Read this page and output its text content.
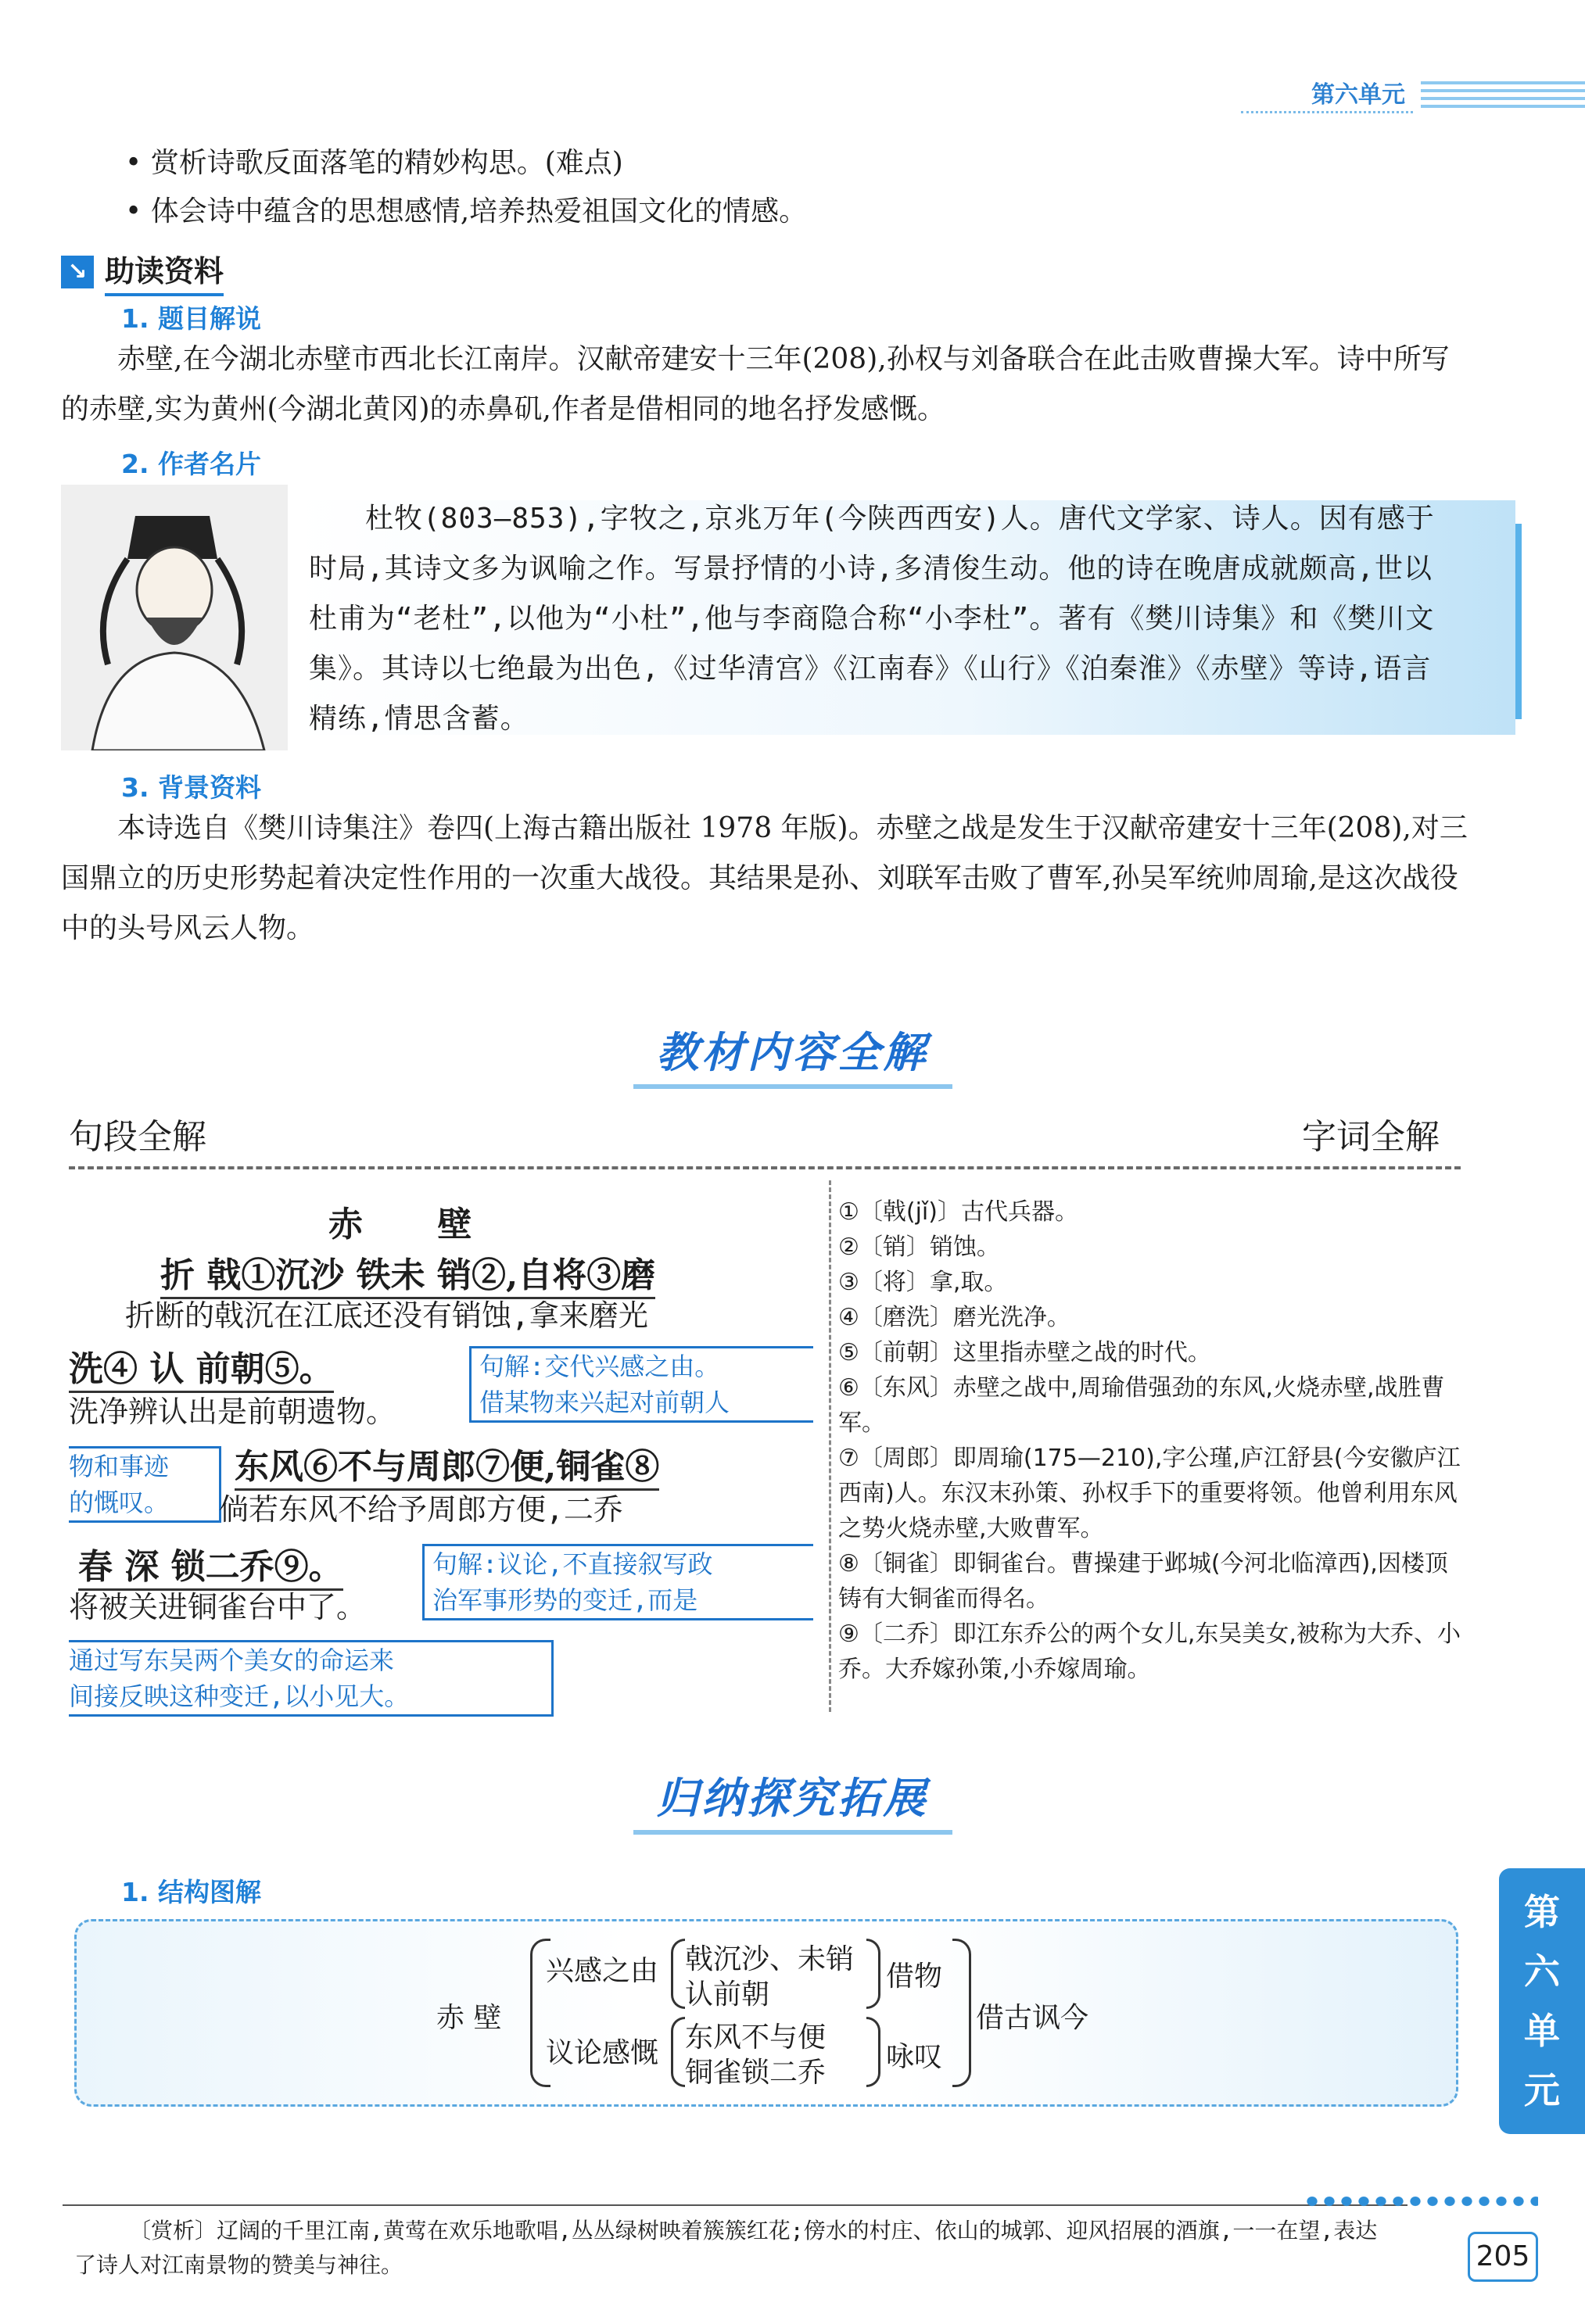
第六单元
• 赏析诗歌反面落笔的精妙构思。(难点)
• 体会诗中蕴含的思想感情,培养热爱祖国文化的情感。
↘ 助读资料
1. 题目解说
赤壁,在今湖北赤壁市西北长江南岸。汉献帝建安十三年(208),孙权与刘备联合在此击败曹操大军。诗中所写的赤壁,实为黄州(今湖北黄冈)的赤鼻矶,作者是借相同的地名抒发感慨。
2. 作者名片
杜牧(803—853),字牧之,京兆万年(今陕西西安)人。唐代文学家、诗人。因有感于时局,其诗文多为讽喻之作。写景抒情的小诗,多清俊生动。他的诗在晚唐成就颇高,世以杜甫为“老杜”,以他为“小杜”,他与李商隐合称“小李杜”。著有《樊川诗集》和《樊川文集》。其诗以七绝最为出色,《过华清宫》《江南春》《山行》《泊秦淮》《赤壁》等诗,语言精练,情思含蓄。
3. 背景资料
本诗选自《樊川诗集注》卷四(上海古籍出版社 1978 年版)。赤壁之战是发生于汉献帝建安十三年(208),对三国鼎立的历史形势起着决定性作用的一次重大战役。其结果是孙、刘联军击败了曹军,孙吴军统帅周瑜,是这次战役中的头号风云人物。
教材内容全解
句段全解	字词全解
赤 壁
折 戟①沉沙 铁未 销②,自将③磨
折断的戟沉在江底还没有销蚀,拿来磨光
洗④ 认 前朝⑤。
洗净辨认出是前朝遗物。
句解:交代兴感之由。
借某物来兴起对前朝人
物和事迹
的慨叹。
东风⑥不与周郎⑦便,铜雀⑧
倘若东风不给予周郎方便,二乔
春 深 锁二乔⑨。
将被关进铜雀台中了。
句解:议论,不直接叙写政
治军事形势的变迁,而是
通过写东吴两个美女的命运来
间接反映这种变迁,以小见大。
①〔戟(jǐ)〕古代兵器。
②〔销〕销蚀。
③〔将〕拿,取。
④〔磨洗〕磨光洗净。
⑤〔前朝〕这里指赤壁之战的时代。
⑥〔东风〕赤壁之战中,周瑜借强劲的东风,火烧赤壁,战胜曹军。
⑦〔周郎〕即周瑜(175—210),字公瑾,庐江舒县(今安徽庐江西南)人。东汉末孙策、孙权手下的重要将领。他曾利用东风之势火烧赤壁,大败曹军。
⑧〔铜雀〕即铜雀台。曹操建于邺城(今河北临漳西),因楼顶铸有大铜雀而得名。
⑨〔二乔〕即江东乔公的两个女儿,东吴美女,被称为大乔、小乔。大乔嫁孙策,小乔嫁周瑜。
归纳探究拓展
1. 结构图解
赤 壁
兴感之由 戟沉沙、未销
认前朝
借物
议论感慨 东风不与便
铜雀锁二乔 咏叹
借古讽今
第
六
单
元
〔赏析〕辽阔的千里江南,黄莺在欢乐地歌唱,丛丛绿树映着簇簇红花;傍水的村庄、依山的城郭、迎风招展的酒旗,一一在望,表达了诗人对江南景物的赞美与神往。	205
